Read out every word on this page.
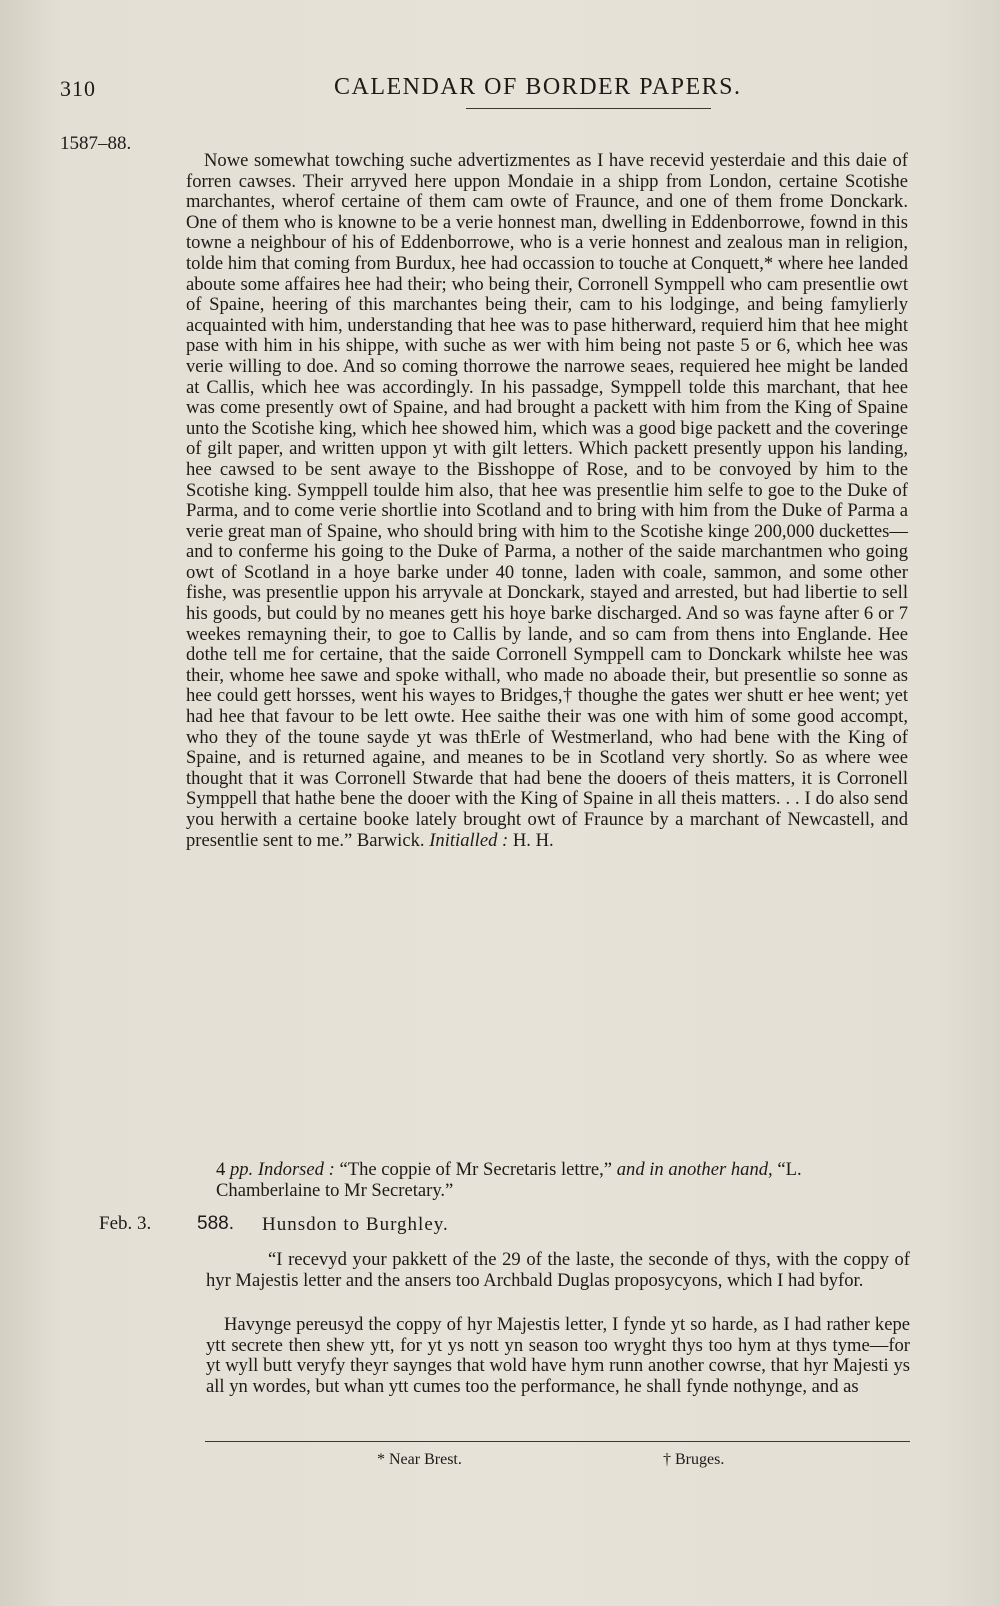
310	CALENDAR OF BORDER PAPERS.
1587–88.

Nowe somewhat towching suche advertizmentes as I have recevid yesterdaie and this daie of forren cawses. Their arryved here uppon Mondaie in a shipp from London, certaine Scotishe marchantes, wherof certaine of them cam owte of Fraunce, and one of them frome Donckark. One of them who is knowne to be a verie honnest man, dwelling in Eddenborrowe, fownd in this towne a neighbour of his of Eddenborrowe, who is a verie honnest and zealous man in religion, tolde him that coming from Burdux, hee had occassion to touche at Conquett,* where hee landed aboute some affaires hee had their; who being their, Corronell Symppell who cam presentlie owt of Spaine, heering of this marchantes being their, cam to his lodginge, and being famylierly acquainted with him, understanding that hee was to pase hitherward, requierd him that hee might pase with him in his shippe, with suche as wer with him being not paste 5 or 6, which hee was verie willing to doe. And so coming thorrowe the narrowe seaes, requiered hee might be landed at Callis, which hee was accordingly. In his passadge, Symppell tolde this marchant, that hee was come presently owt of Spaine, and had brought a packett with him from the King of Spaine unto the Scotishe king, which hee showed him, which was a good bige packett and the coveringe of gilt paper, and written uppon yt with gilt letters. Which packett presently uppon his landing, hee cawsed to be sent awaye to the Bisshoppe of Rose, and to be convoyed by him to the Scotishe king. Symppell toulde him also, that hee was presentlie him selfe to goe to the Duke of Parma, and to come verie shortlie into Scotland and to bring with him from the Duke of Parma a verie great man of Spaine, who should bring with him to the Scotishe kinge 200,000 duckettes—and to conferme his going to the Duke of Parma, a nother of the saide marchantmen who going owt of Scotland in a hoye barke under 40 tonne, laden with coale, sammon, and some other fishe, was presentlie uppon his arryvale at Donckark, stayed and arrested, but had libertie to sell his goods, but could by no meanes gett his hoye barke discharged. And so was fayne after 6 or 7 weekes remayning their, to goe to Callis by lande, and so cam from thens into Englande. Hee dothe tell me for certaine, that the saide Corronell Symppell cam to Donckark whilste hee was their, whome hee sawe and spoke withall, who made no aboade their, but presentlie so sonne as hee could gett horsses, went his wayes to Bridges,† thoughe the gates wer shutt er hee went; yet had hee that favour to be lett owte. Hee saithe their was one with him of some good accompt, who they of the toune sayde yt was thErle of Westmerland, who had bene with the King of Spaine, and is returned againe, and meanes to be in Scotland very shortly. So as where wee thought that it was Corronell Stwarde that had bene the dooers of theis matters, it is Corronell Symppell that hathe bene the dooer with the King of Spaine in all theis matters. . . I do also send you herwith a certaine booke lately brought owt of Fraunce by a marchant of Newcastell, and presentlie sent to me.” Barwick. Initialled : H. H.

4 pp. Indorsed : “The coppie of Mr Secretaris lettre,” and in another hand, “L. Chamberlaine to Mr Secretary.”
Feb. 3. 588. Hunsdon to Burghley.

“I recevyd your pakkett of the 29 of the laste, the seconde of thys, with the coppy of hyr Majestis letter and the ansers too Archbald Duglas proposycyons, which I had byfor.

Havynge pereusyd the coppy of hyr Majestis letter, I fynde yt so harde, as I had rather kepe ytt secrete then shew ytt, for yt ys nott yn season too wryght thys too hym at thys tyme—for yt wyll butt veryfy theyr saynges that wold have hym runn another cowrse, that hyr Majesti ys all yn wordes, but whan ytt cumes too the performance, he shall fynde nothynge, and as

* Near Brest.	† Bruges.
